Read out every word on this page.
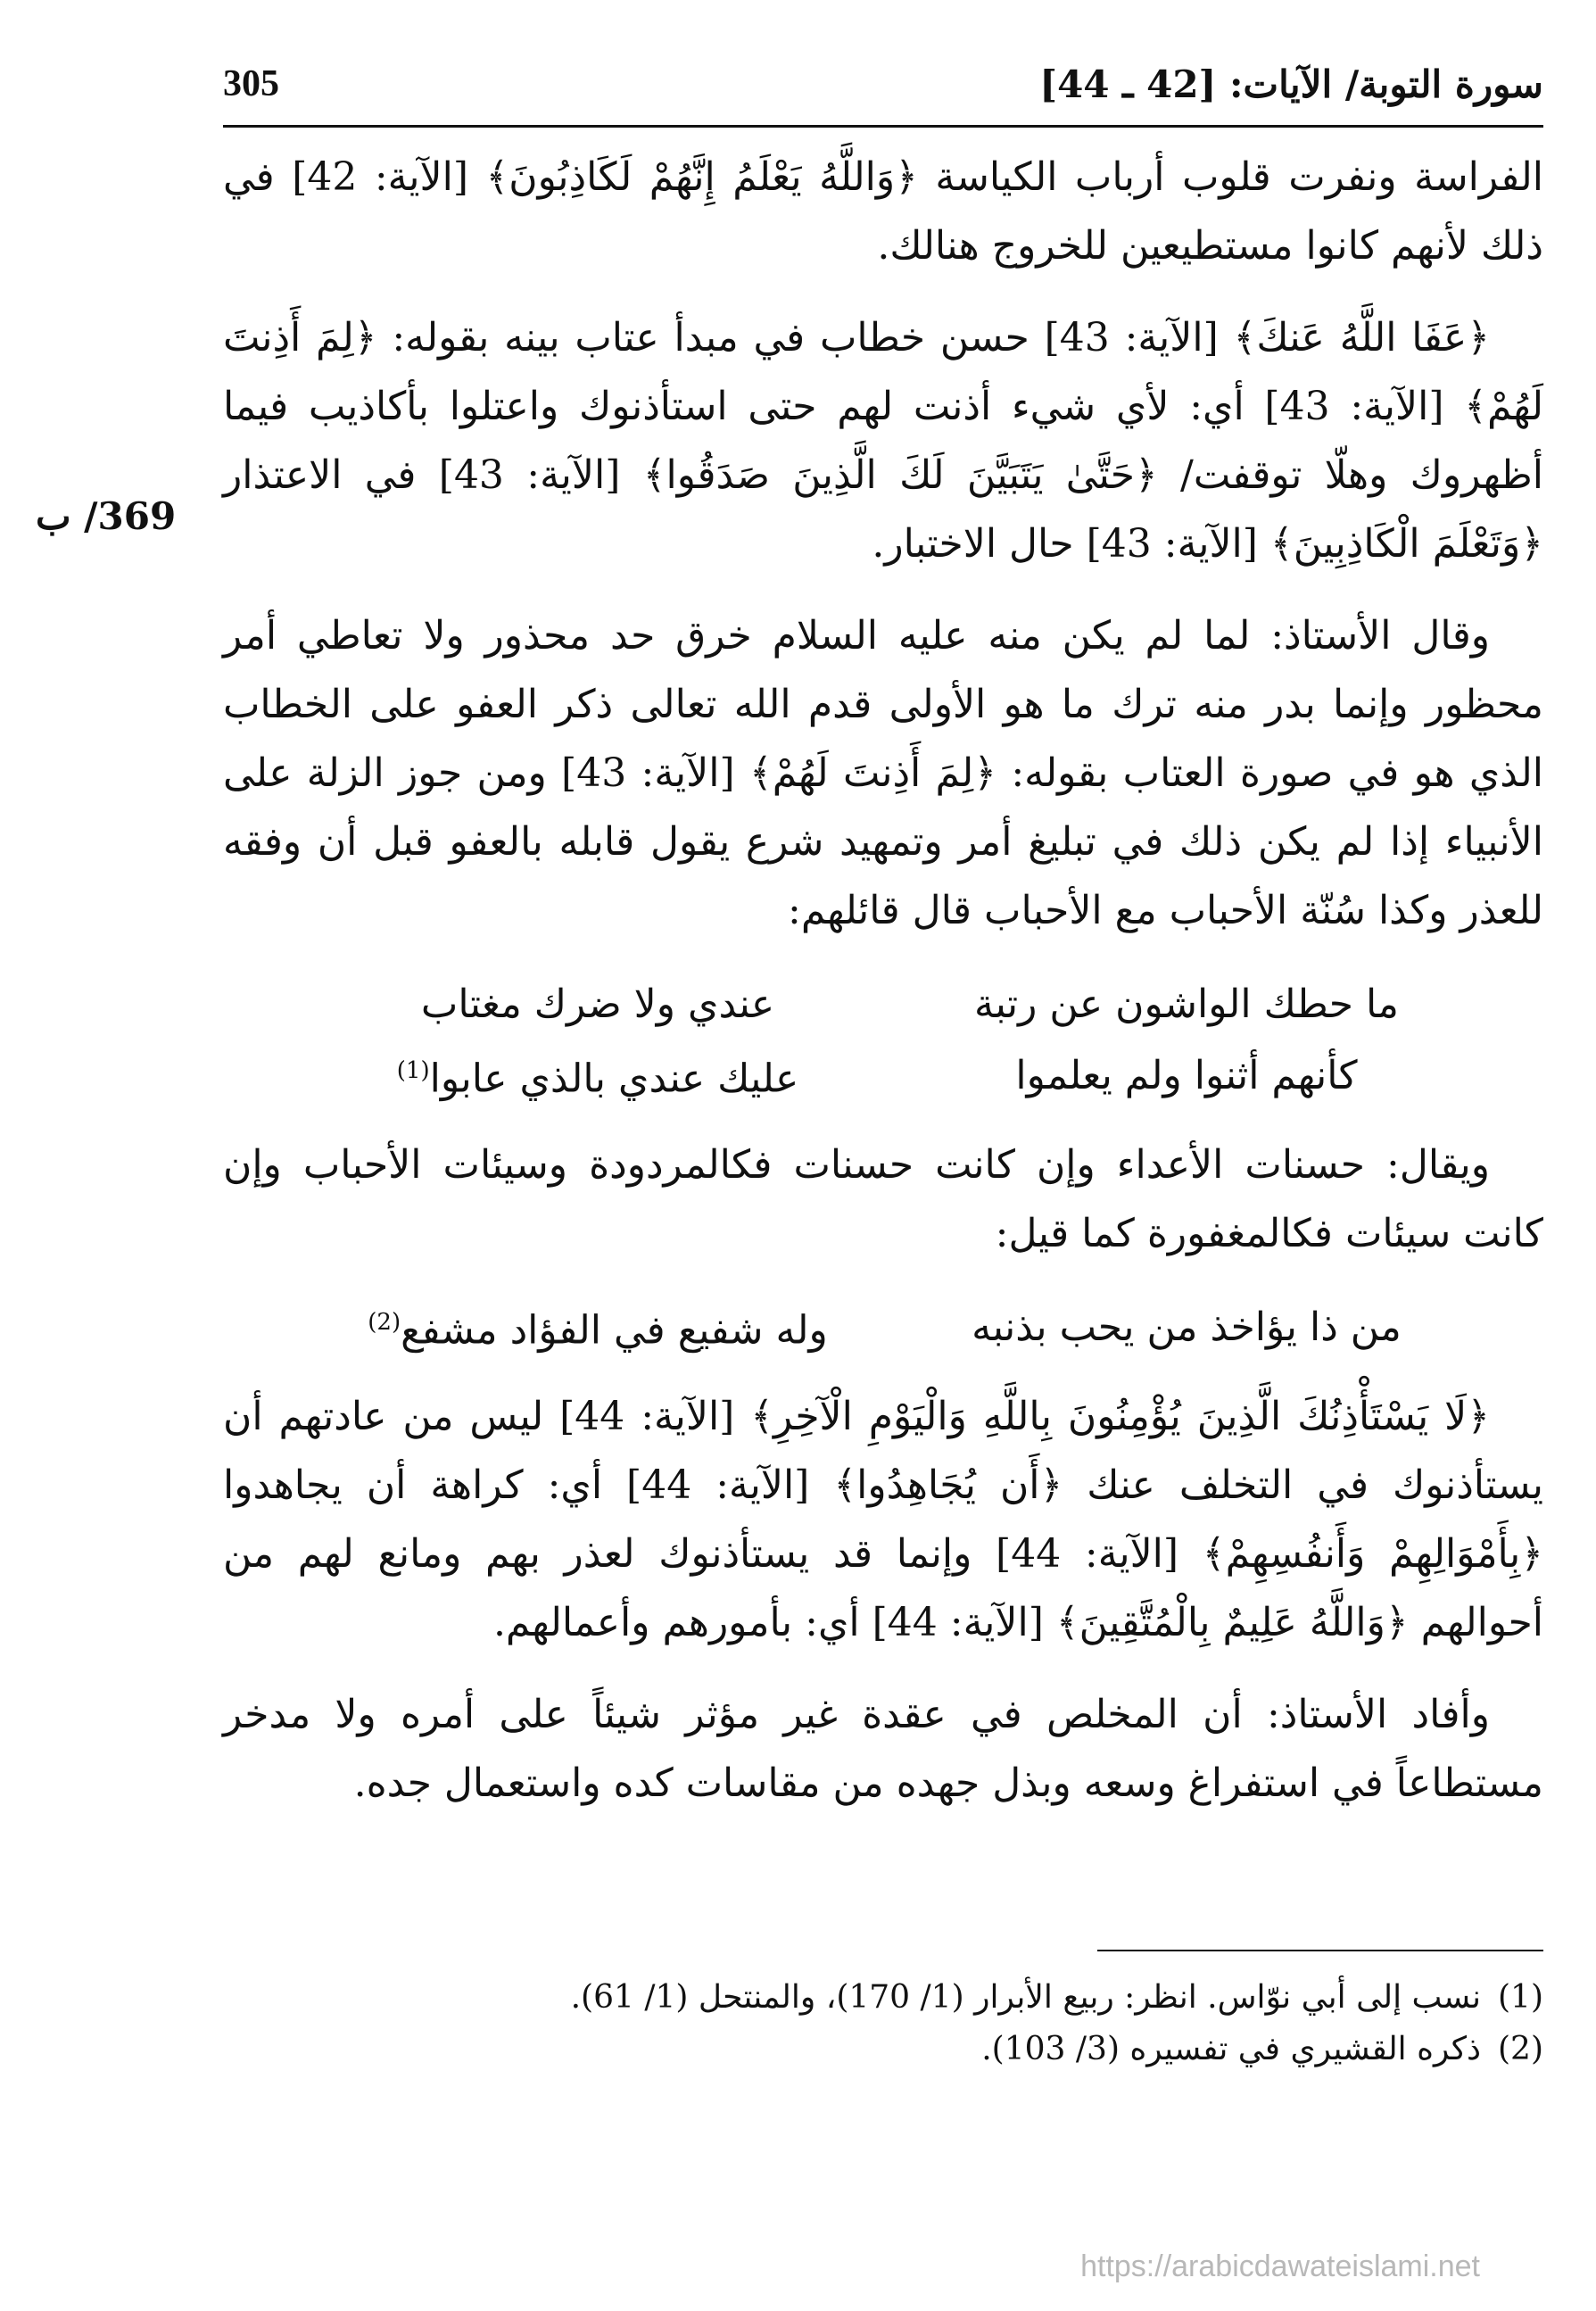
سورة التوبة/ الآيات: [42 ـ 44]
305
369/ ب

الفراسة ونفرت قلوب أرباب الكياسة ﴿وَاللَّهُ يَعْلَمُ إِنَّهُمْ لَكَاذِبُونَ﴾ [الآية: 42] في ذلك لأنهم كانوا مستطيعين للخروج هنالك.

﴿عَفَا اللَّهُ عَنكَ﴾ [الآية: 43] حسن خطاب في مبدأ عتاب بينه بقوله: ﴿لِمَ أَذِنتَ لَهُمْ﴾ [الآية: 43] أي: لأي شيء أذنت لهم حتى استأذنوك واعتلوا بأكاذيب فيما أظهروك وهلّا توقفت/ ﴿حَتَّىٰ يَتَبَيَّنَ لَكَ الَّذِينَ صَدَقُوا﴾ [الآية: 43] في الاعتذار ﴿وَتَعْلَمَ الْكَاذِبِينَ﴾ [الآية: 43] حال الاختبار.

وقال الأستاذ: لما لم يكن منه عليه السلام خرق حد محذور ولا تعاطي أمر محظور وإنما بدر منه ترك ما هو الأولى قدم الله تعالى ذكر العفو على الخطاب الذي هو في صورة العتاب بقوله: ﴿لِمَ أَذِنتَ لَهُمْ﴾ [الآية: 43] ومن جوز الزلة على الأنبياء إذا لم يكن ذلك في تبليغ أمر وتمهيد شرع يقول قابله بالعفو قبل أن وفقه للعذر وكذا سُنّة الأحباب مع الأحباب قال قائلهم:

ما حطك الواشون عن رتبة
عندي ولا ضرك مغتاب
كأنهم أثنوا ولم يعلموا
عليك عندي بالذي عابوا$^{(1)}$

ويقال: حسنات الأعداء وإن كانت حسنات فكالمردودة وسيئات الأحباب وإن كانت سيئات فكالمغفورة كما قيل:

من ذا يؤاخذ من يحب بذنبه
وله شفيع في الفؤاد مشفع$^{(2)}$

﴿لَا يَسْتَأْذِنُكَ الَّذِينَ يُؤْمِنُونَ بِاللَّهِ وَالْيَوْمِ الْآخِرِ﴾ [الآية: 44] ليس من عادتهم أن يستأذنوك في التخلف عنك ﴿أَن يُجَاهِدُوا﴾ [الآية: 44] أي: كراهة أن يجاهدوا ﴿بِأَمْوَالِهِمْ وَأَنفُسِهِمْ﴾ [الآية: 44] وإنما قد يستأذنوك لعذر بهم ومانع لهم من أحوالهم ﴿وَاللَّهُ عَلِيمٌ بِالْمُتَّقِينَ﴾ [الآية: 44] أي: بأمورهم وأعمالهم.

وأفاد الأستاذ: أن المخلص في عقدة غير مؤثر شيئاً على أمره ولا مدخر مستطاعاً في استفراغ وسعه وبذل جهده من مقاسات كده واستعمال جده.

(1)نسب إلى أبي نوّاس. انظر: ربيع الأبرار (1/ 170)، والمنتحل (1/ 61).

(2)ذكره القشيري في تفسيره (3/ 103).

https://arabicdawateislami.net
